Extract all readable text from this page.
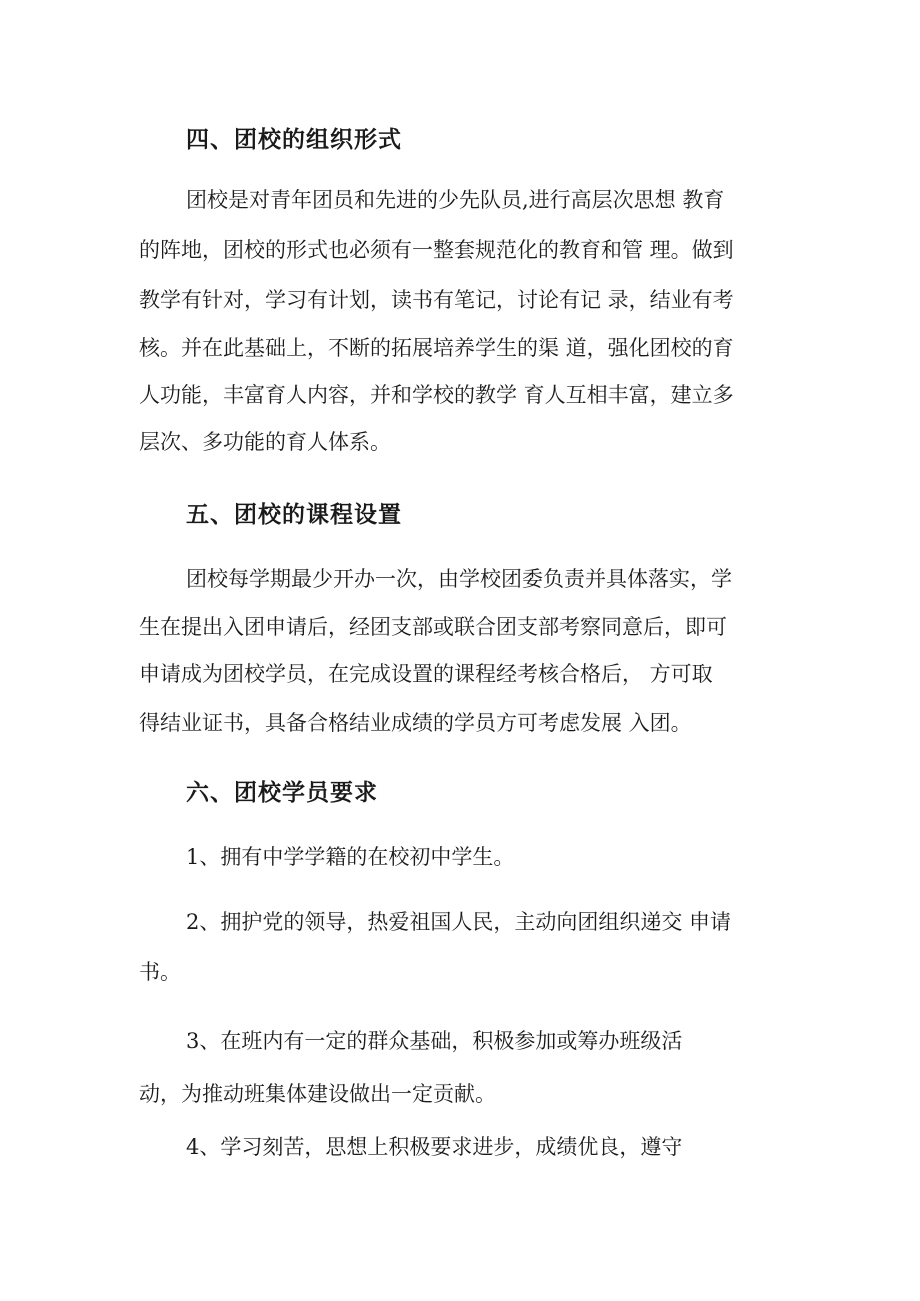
四、团校的组织形式
团校是对青年团员和先进的少先队员,进行高层次思想 教育
的阵地，团校的形式也必须有一整套规范化的教育和管 理。做到
教学有针对，学习有计划，读书有笔记，讨论有记 录，结业有考
核。并在此基础上，不断的拓展培养学生的渠 道，强化团校的育
人功能，丰富育人内容，并和学校的教学 育人互相丰富，建立多
层次、多功能的育人体系。
五、团校的课程设置
团校每学期最少开办一次，由学校团委负责并具体落实，学
生在提出入团申请后，经团支部或联合团支部考察同意后，即可
申请成为团校学员，在完成设置的课程经考核合格后， 方可取
得结业证书，具备合格结业成绩的学员方可考虑发展 入团。
六、团校学员要求
1、拥有中学学籍的在校初中学生。
2、拥护党的领导，热爱祖国人民，主动向团组织递交 申请
书。
3、在班内有一定的群众基础，积极参加或筹办班级活
动，为推动班集体建设做出一定贡献。
4、学习刻苦，思想上积极要求进步，成绩优良，遵守
